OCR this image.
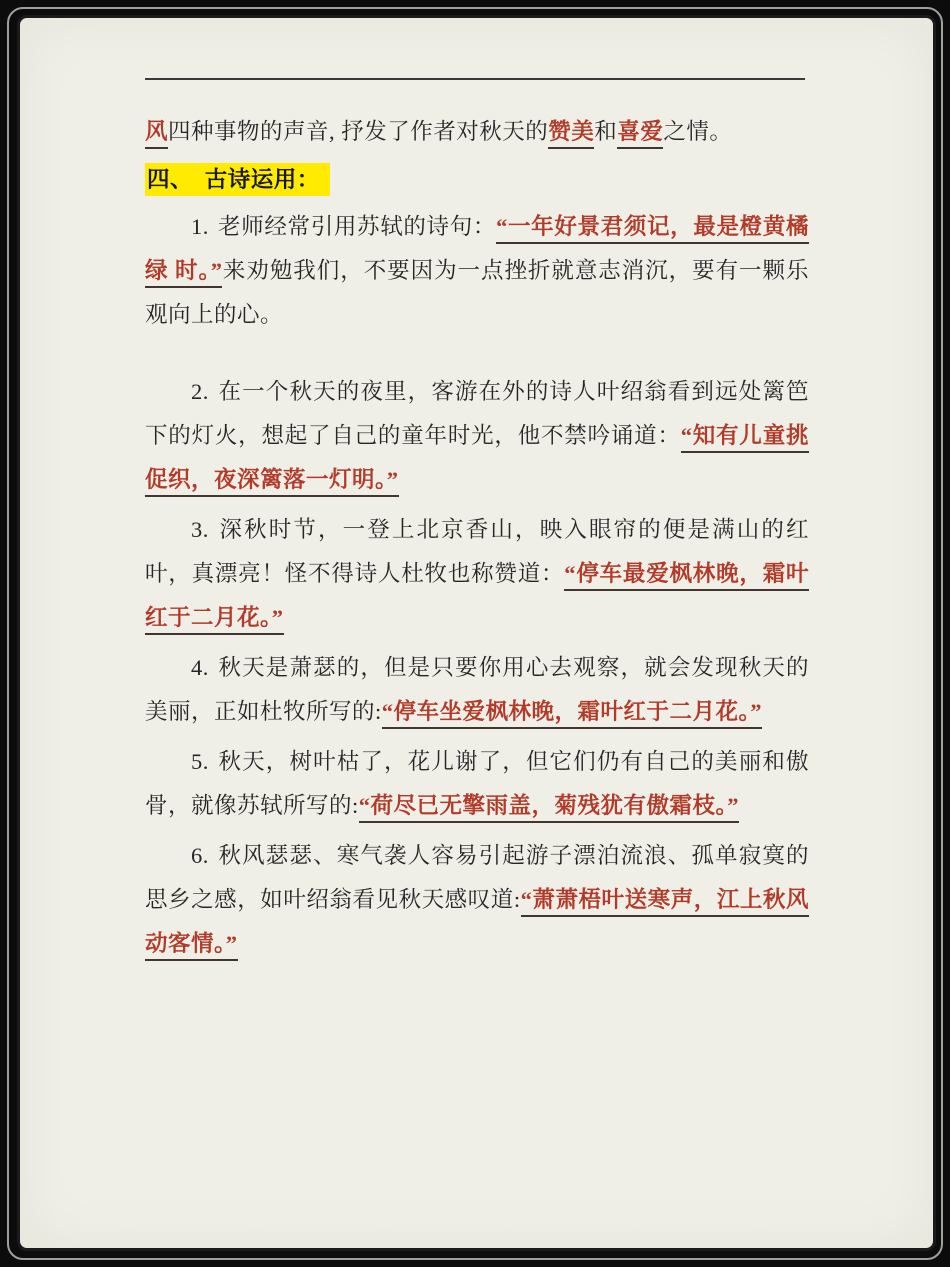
风四种事物的声音, 抒发了作者对秋天的赞美和喜爱之情。

四、　古诗运用：

1. 老师经常引用苏轼的诗句：“一年好景君须记，最是橙黄橘绿 时。”来劝勉我们，不要因为一点挫折就意志消沉，要有一颗乐观向上的心。

2. 在一个秋天的夜里，客游在外的诗人叶绍翁看到远处篱笆下的灯火，想起了自己的童年时光，他不禁吟诵道：“知有儿童挑促织，夜深篱落一灯明。”

3. 深秋时节，一登上北京香山，映入眼帘的便是满山的红叶，真漂亮！怪不得诗人杜牧也称赞道：“停车最爱枫林晚，霜叶红于二月花。”

4. 秋天是萧瑟的，但是只要你用心去观察，就会发现秋天的美丽，正如杜牧所写的:“停车坐爱枫林晚，霜叶红于二月花。”

5. 秋天，树叶枯了，花儿谢了，但它们仍有自己的美丽和傲骨，就像苏轼所写的:“荷尽已无擎雨盖，菊残犹有傲霜枝。”

6. 秋风瑟瑟、寒气袭人容易引起游子漂泊流浪、孤单寂寞的思乡之感，如叶绍翁看见秋天感叹道:“萧萧梧叶送寒声，江上秋风动客情。”
